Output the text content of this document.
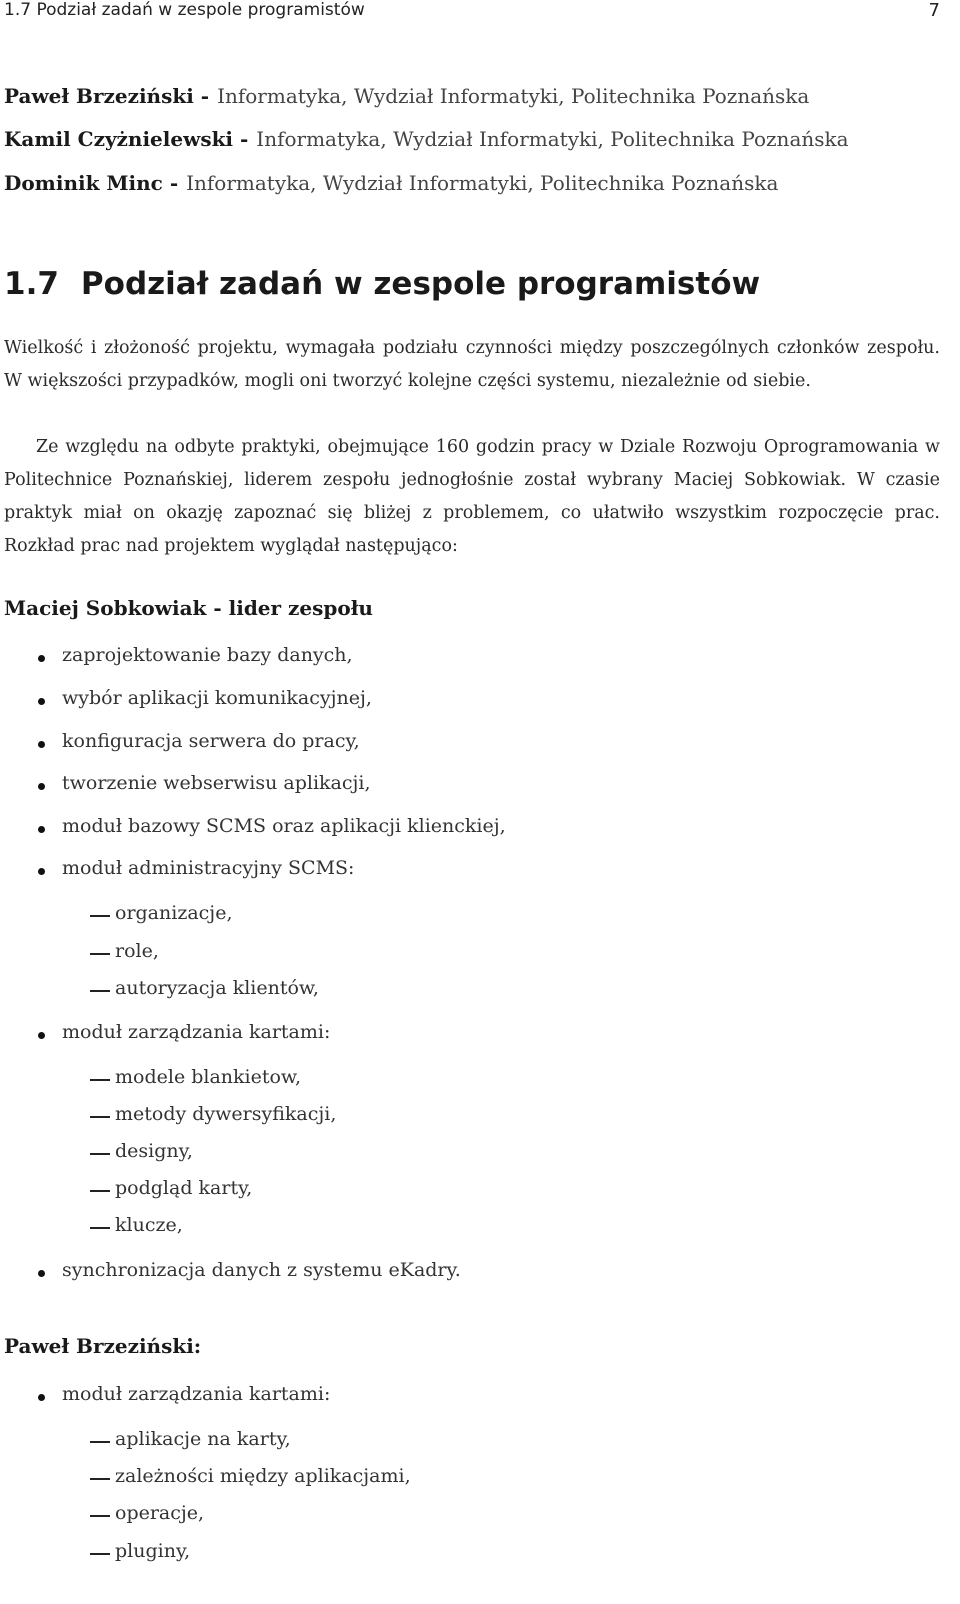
1.7 Podział zadań w zespole programistów	7
Paweł Brzeziński - Informatyka, Wydział Informatyki, Politechnika Poznańska
Kamil Czyżnielewski - Informatyka, Wydział Informatyki, Politechnika Poznańska
Dominik Minc - Informatyka, Wydział Informatyki, Politechnika Poznańska
1.7 Podział zadań w zespole programistów
Wielkość i złożoność projektu, wymagała podziału czynności między poszczególnych członków zespołu. W większości przypadków, mogli oni tworzyć kolejne części systemu, niezależnie od siebie.
Ze względu na odbyte praktyki, obejmujące 160 godzin pracy w Dziale Rozwoju Oprogramowania w Politechnice Poznańskiej, liderem zespołu jednogłośnie został wybrany Maciej Sobkowiak. W czasie praktyk miał on okazję zapoznać się bliżej z problemem, co ułatwiło wszystkim rozpoczęcie prac. Rozkład prac nad projektem wyglądał następująco:
Maciej Sobkowiak - lider zespołu
zaprojektowanie bazy danych,
wybór aplikacji komunikacyjnej,
konfiguracja serwera do pracy,
tworzenie webserwisu aplikacji,
moduł bazowy SCMS oraz aplikacji klienckiej,
moduł administracyjny SCMS:
organizacje,
role,
autoryzacja klientów,
moduł zarządzania kartami:
modele blankietow,
metody dywersyfikacji,
designy,
podgląd karty,
klucze,
synchronizacja danych z systemu eKadry.
Paweł Brzeziński:
moduł zarządzania kartami:
aplikacje na karty,
zależności między aplikacjami,
operacje,
pluginy,
